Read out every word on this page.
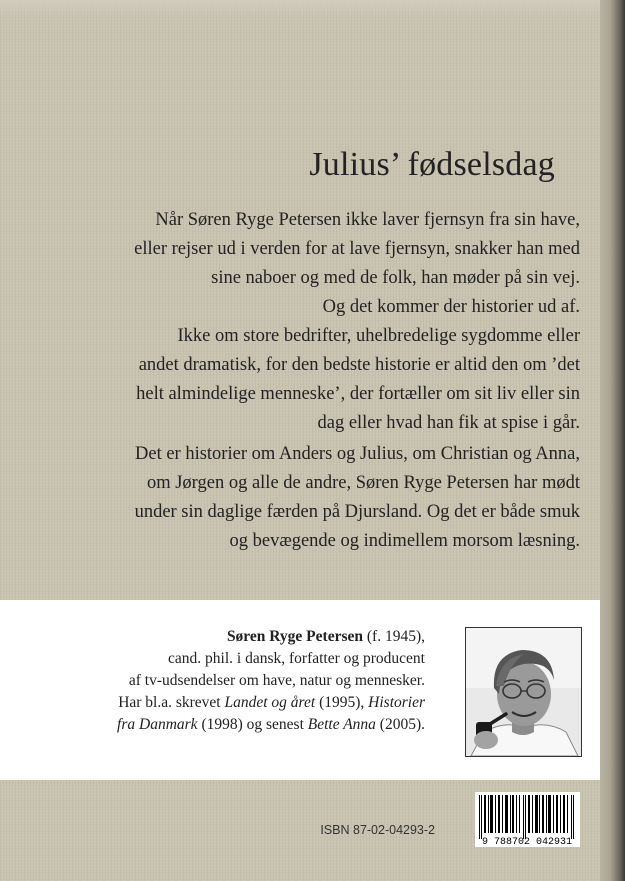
Julius’ fødselsdag
Når Søren Ryge Petersen ikke laver fjernsyn fra sin have,
eller rejser ud i verden for at lave fjernsyn, snakker han med
sine naboer og med de folk, han møder på sin vej.
Og det kommer der historier ud af.
Ikke om store bedrifter, uhelbredelige sygdomme eller
andet dramatisk, for den bedste historie er altid den om ’det
helt almindelige menneske’, der fortæller om sit liv eller sin
dag eller hvad han fik at spise i går.
Det er historier om Anders og Julius, om Christian og Anna,
om Jørgen og alle de andre, Søren Ryge Petersen har mødt
under sin daglige færden på Djursland. Og det er både smuk
og bevægende og indimellem morsom læsning.
Søren Ryge Petersen (f. 1945),
cand. phil. i dansk, forfatter og producent
af tv-udsendelser om have, natur og mennesker.
Har bl.a. skrevet Landet og året (1995), Historier
fra Danmark (1998) og senest Bette Anna (2005).
9 788702 042931

ISBN 87-02-04293-2
